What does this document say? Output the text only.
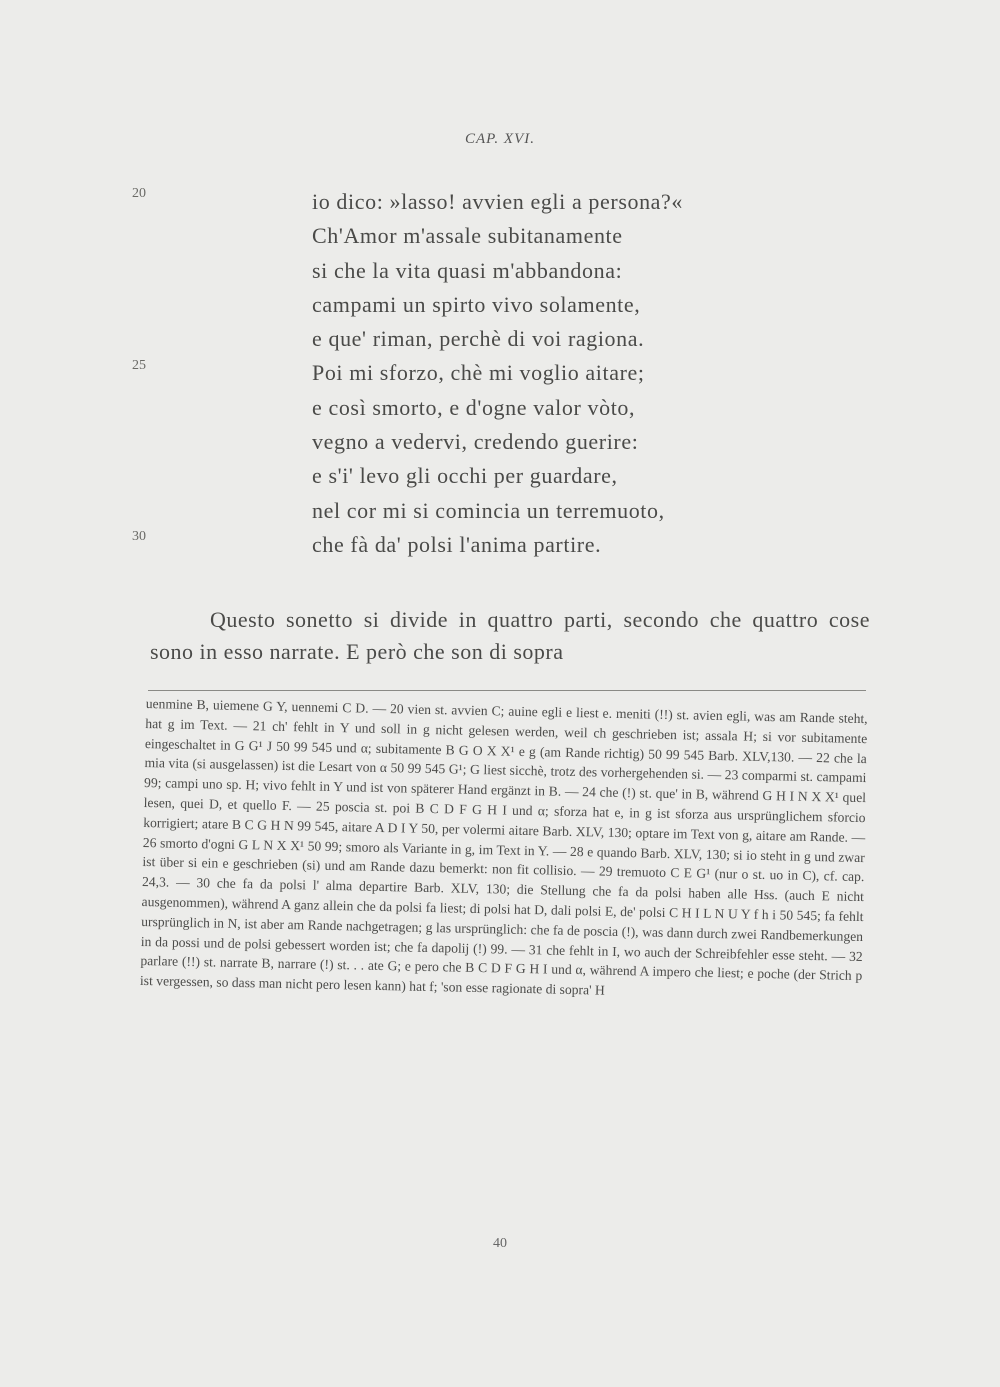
CAP. XVI.
20
25
30
io dico: »lasso! avvien egli a persona?«
Ch'Amor m'assale subitanamente
si che la vita quasi m'abbandona:
campami un spirto vivo solamente,
e que' riman, perchè di voi ragiona.
Poi mi sforzo, chè mi voglio aitare;
e così smorto, e d'ogne valor vòto,
vegno a vedervi, credendo guerire:
e s'i' levo gli occhi per guardare,
nel cor mi si comincia un terremuoto,
che fà da' polsi l'anima partire.
Questo sonetto si divide in quattro parti, secondo che quattro cose sono in esso narrate. E però che son di sopra
uenmine B, uiemene G Y, uennemi C D. — 20 vien st. avvien C; auine egli e liest e. meniti (!!) st. avien egli, was am Rande steht, hat g im Text. — 21 ch' fehlt in Y und soll in g nicht gelesen werden, weil ch geschrieben ist; assala H; si vor subitamente eingeschaltet in G G¹ J 50 99 545 und α; subitamente B G O X X¹ e g (am Rande richtig) 50 99 545 Barb. XLV,130. — 22 che la mia vita (si ausgelassen) ist die Lesart von α 50 99 545 G¹; G liest sicchè, trotz des vorhergehenden si. — 23 comparmi st. campami 99; campi uno sp. H; vivo fehlt in Y und ist von späterer Hand ergänzt in B. — 24 che (!) st. que' in B, während G H I N X X¹ quel lesen, quei D, et quello F. — 25 poscia st. poi B C D F G H I und α; sforza hat e, in g ist sforza aus ursprünglichem sforcio korrigiert; atare B C G H N 99 545, aitare A D I Y 50, per volermi aitare Barb. XLV, 130; optare im Text von g, aitare am Rande. — 26 smorto d'ogni G L N X X¹ 50 99; smoro als Variante in g, im Text in Y. — 28 e quando Barb. XLV, 130; si io steht in g und zwar ist über si ein e geschrieben (si) und am Rande dazu bemerkt: non fit collisio. — 29 tremuoto C E G¹ (nur o st. uo in C), cf. cap. 24,3. — 30 che fa da polsi l' alma departire Barb. XLV, 130; die Stellung che fa da polsi haben alle Hss. (auch E nicht ausgenommen), während A ganz allein che da polsi fa liest; di polsi hat D, dali polsi E, de' polsi C H I L N U Y f h i 50 545; fa fehlt ursprünglich in N, ist aber am Rande nachgetragen; g las ursprünglich: che fa de poscia (!), was dann durch zwei Randbemerkungen in da possi und de polsi gebessert worden ist; che fa dapolij (!) 99. — 31 che fehlt in I, wo auch der Schreibfehler esse steht. — 32 parlare (!!) st. narrate B, narrare (!) st. . . ate G; e pero che B C D F G H I und α, während A impero che liest; e poche (der Strich p ist vergessen, so dass man nicht pero lesen kann) hat f; 'son esse ragionate di sopra' H
40
